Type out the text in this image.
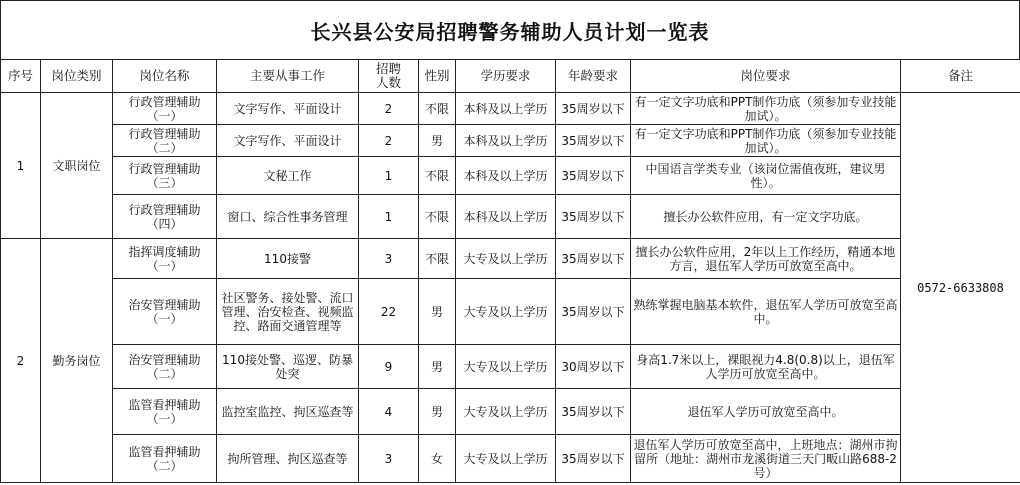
长兴县公安局招聘警务辅助人员计划一览表
序号	岗位类别	岗位名称	主要从事工作	招聘人数	性别	学历要求	年龄要求	岗位要求	备注
1	文职岗位	行政管理辅助（一）	文字写作、平面设计	2	不限	本科及以上学历	35周岁以下	有一定文字功底和PPT制作功底（须参加专业技能加试）。	0572-6633808
		行政管理辅助（二）	文字写作、平面设计	2	男	本科及以上学历	35周岁以下	有一定文字功底和PPT制作功底（须参加专业技能加试）。	
		行政管理辅助（三）	文秘工作	1	不限	本科及以上学历	35周岁以下	中国语言学类专业（该岗位需值夜班，建议男性）。	
		行政管理辅助（四）	窗口、综合性事务管理	1	不限	本科及以上学历	35周岁以下	擅长办公软件应用，有一定文字功底。	
2	勤务岗位	指挥调度辅助（一）	110接警	3	不限	大专及以上学历	35周岁以下	擅长办公软件应用，2年以上工作经历，精通本地方言，退伍军人学历可放宽至高中。	
		治安管理辅助（一）	社区警务、接处警、流口管理、治安检查、视频监控、路面交通管理等	22	男	大专及以上学历	35周岁以下	熟练掌握电脑基本软件，退伍军人学历可放宽至高中。	
		治安管理辅助（二）	110接处警、巡逻、防暴处突	9	男	大专及以上学历	30周岁以下	身高1.7米以上，裸眼视力4.8(0.8)以上，退伍军人学历可放宽至高中。	
		监管看押辅助（一）	监控室监控、拘区巡查等	4	男	大专及以上学历	35周岁以下	退伍军人学历可放宽至高中。	
		监管看押辅助（二）	拘所管理、拘区巡查等	3	女	大专及以上学历	35周岁以下	退伍军人学历可放宽至高中，上班地点：湖州市拘留所（地址：湖州市龙溪街道三天门畈山路688-2号）	
